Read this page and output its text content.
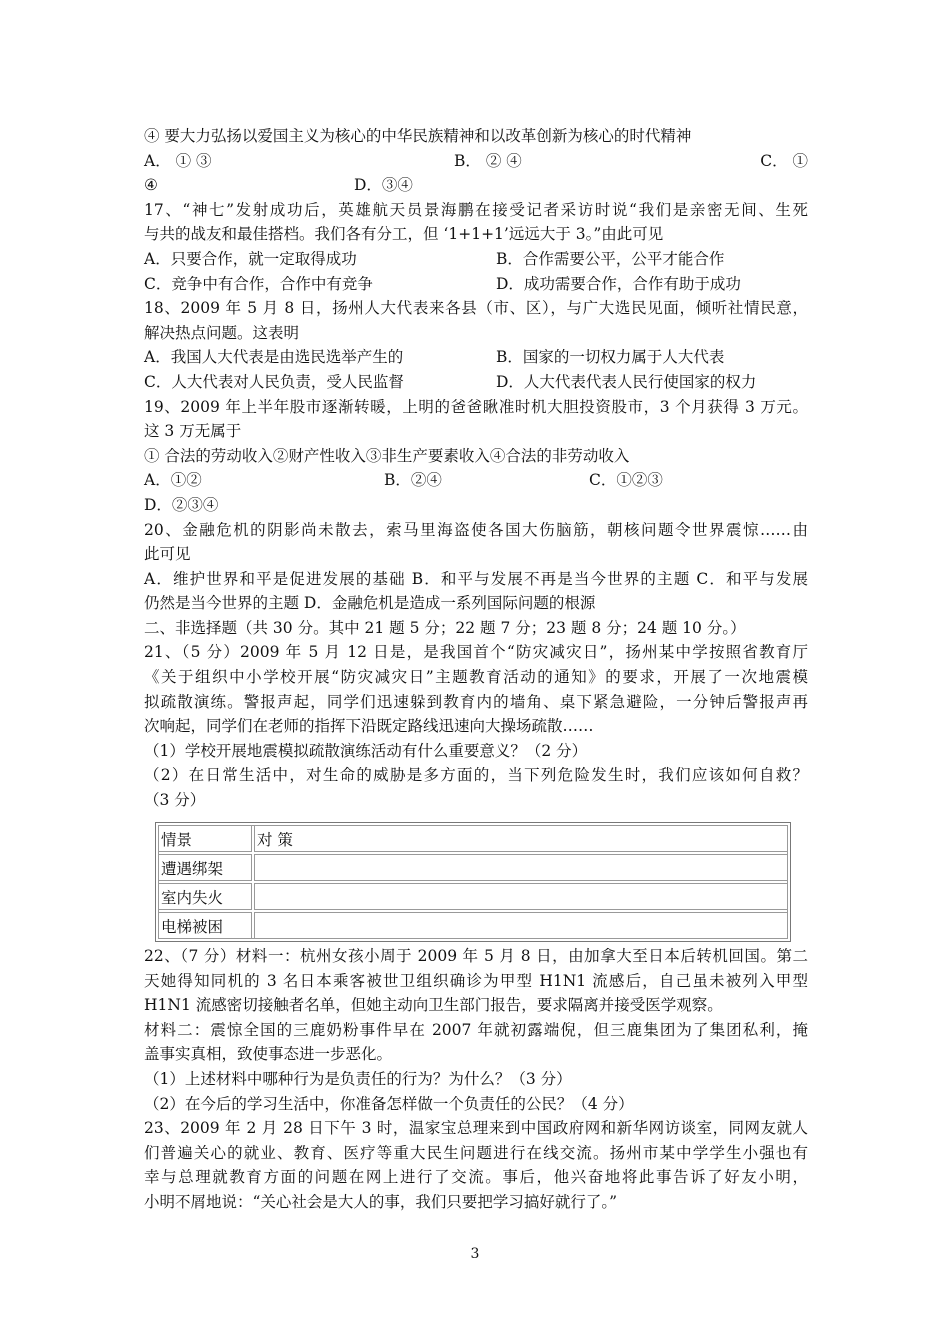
④ 要大力弘扬以爱国主义为核心的中华民族精神和以改革创新为核心的时代精神
A． ① ③	B． ② ④	C． ①
④	D．③④
17、“神七”发射成功后，英雄航天员景海鹏在接受记者采访时说“我们是亲密无间、生死
与共的战友和最佳搭档。我们各有分工，但 ‘1+1+1’远远大于 3。”由此可见
A．只要合作，就一定取得成功	B．合作需要公平，公平才能合作
C．竞争中有合作，合作中有竞争	D．成功需要合作，合作有助于成功
18、2009 年 5 月 8 日，扬州人大代表来各县（市、区），与广大选民见面，倾听社情民意，
解决热点问题。这表明
A．我国人大代表是由选民选举产生的	B．国家的一切权力属于人大代表
C．人大代表对人民负责，受人民监督	D．人大代表代表人民行使国家的权力
19、2009 年上半年股市逐渐转暖，上明的爸爸瞅准时机大胆投资股市，3 个月获得 3 万元。
这 3 万无属于
① 合法的劳动收入②财产性收入③非生产要素收入④合法的非劳动收入
A．①②	B．②④	C．①②③
D．②③④
20、金融危机的阴影尚未散去，索马里海盗使各国大伤脑筋，朝核问题令世界震惊……由
此可见
A．维护世界和平是促进发展的基础 B．和平与发展不再是当今世界的主题 C．和平与发展
仍然是当今世界的主题 D．金融危机是造成一系列国际问题的根源
二、非选择题（共 30 分。其中 21 题 5 分；22 题 7 分；23 题 8 分；24 题 10 分。）
21、（5 分）2009 年 5 月 12 日是，是我国首个“防灾减灾日”，扬州某中学按照省教育厅
《关于组织中小学校开展“防灾减灾日”主题教育活动的通知》的要求，开展了一次地震模
拟疏散演练。警报声起，同学们迅速躲到教育内的墙角、桌下紧急避险，一分钟后警报声再
次响起，同学们在老师的指挥下沿既定路线迅速向大操场疏散……
（1）学校开展地震模拟疏散演练活动有什么重要意义？（2 分）
（2）在日常生活中，对生命的威胁是多方面的，当下列危险发生时，我们应该如何自救？
（3 分）
情景	对 策
遭遇绑架	
室内失火	
电梯被困	
22、（7 分）材料一：杭州女孩小周于 2009 年 5 月 8 日，由加拿大至日本后转机回国。第二
天她得知同机的 3 名日本乘客被世卫组织确诊为甲型 H1N1 流感后，自己虽未被列入甲型
H1N1 流感密切接触者名单，但她主动向卫生部门报告，要求隔离并接受医学观察。
材料二：震惊全国的三鹿奶粉事件早在 2007 年就初露端倪，但三鹿集团为了集团私利，掩
盖事实真相，致使事态进一步恶化。
（1）上述材料中哪种行为是负责任的行为？为什么？（3 分）
（2）在今后的学习生活中，你准备怎样做一个负责任的公民？（4 分）
23、2009 年 2 月 28 日下午 3 时，温家宝总理来到中国政府网和新华网访谈室，同网友就人
们普遍关心的就业、教育、医疗等重大民生问题进行在线交流。扬州市某中学学生小强也有
幸与总理就教育方面的问题在网上进行了交流。事后，他兴奋地将此事告诉了好友小明，
小明不屑地说：“关心社会是大人的事，我们只要把学习搞好就行了。”
3
